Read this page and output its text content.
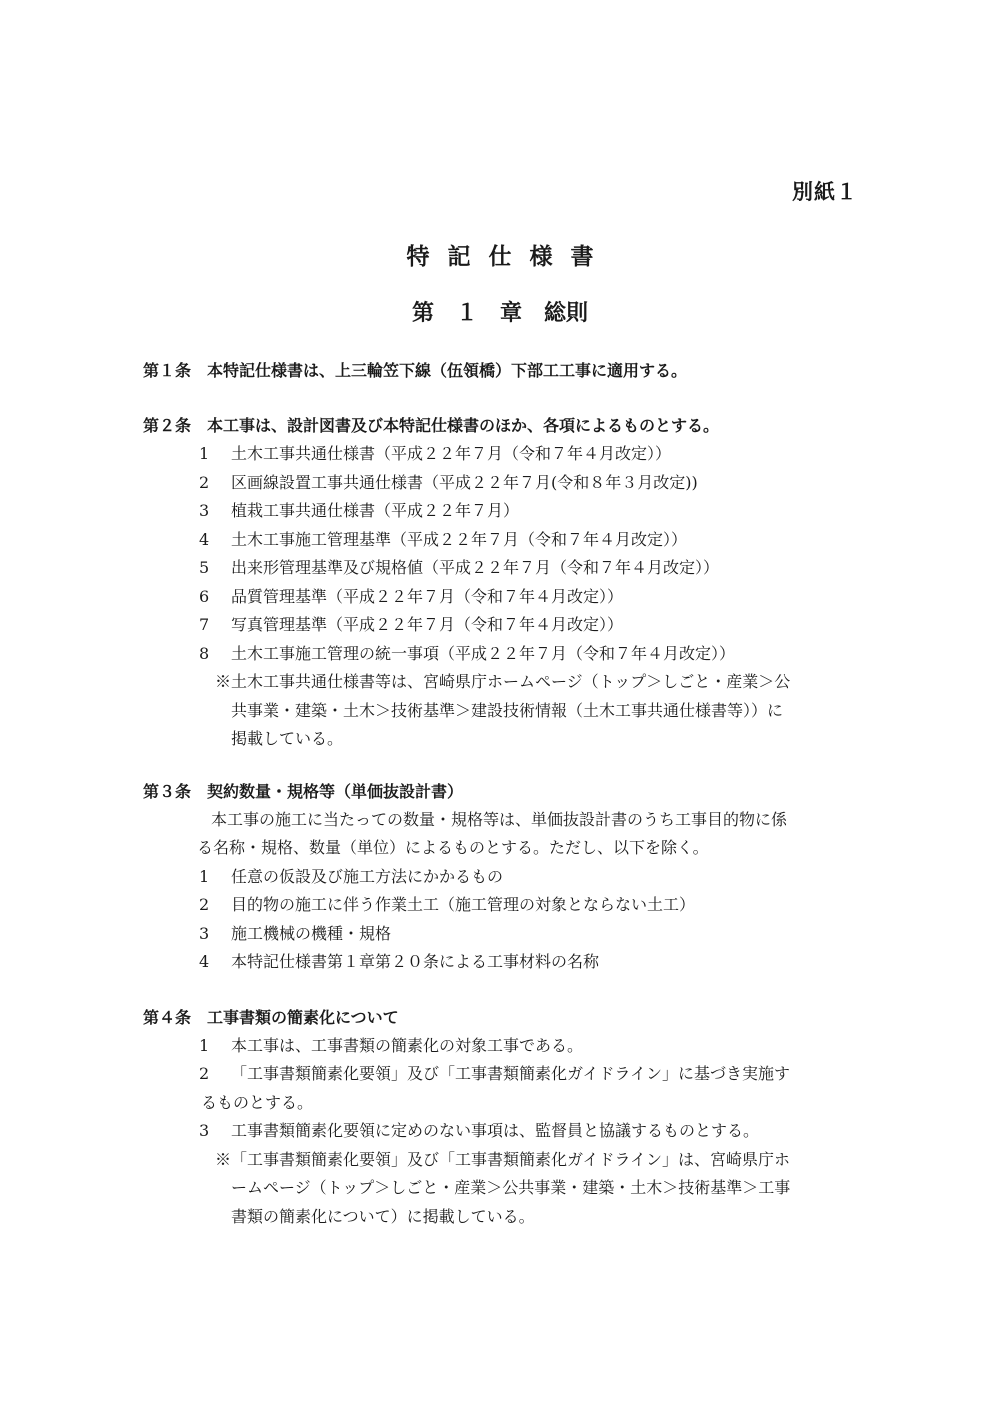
別紙１
特記仕様書
第　１　章　総則
第１条　本特記仕様書は、上三輪笠下線（伍領橋）下部工工事に適用する。
第２条　本工事は、設計図書及び本特記仕様書のほか、各項によるものとする。
1 土木工事共通仕様書（平成２２年７月（令和７年４月改定））
2 区画線設置工事共通仕様書（平成２２年７月(令和８年３月改定))
3 植栽工事共通仕様書（平成２２年７月）
4 土木工事施工管理基準（平成２２年７月（令和７年４月改定））
5 出来形管理基準及び規格値（平成２２年７月（令和７年４月改定））
6 品質管理基準（平成２２年７月（令和７年４月改定））
7 写真管理基準（平成２２年７月（令和７年４月改定））
8 土木工事施工管理の統一事項（平成２２年７月（令和７年４月改定））
※土木工事共通仕様書等は、宮崎県庁ホームページ（トップ＞しごと・産業＞公
共事業・建築・土木＞技術基準＞建設技術情報（土木工事共通仕様書等））に
掲載している。
第３条　契約数量・規格等（単価抜設計書）
本工事の施工に当たっての数量・規格等は、単価抜設計書のうち工事目的物に係
る名称・規格、数量（単位）によるものとする。ただし、以下を除く。
1 任意の仮設及び施工方法にかかるもの
2 目的物の施工に伴う作業土工（施工管理の対象とならない土工）
3 施工機械の機種・規格
4 本特記仕様書第１章第２０条による工事材料の名称
第４条　工事書類の簡素化について
1 本工事は、工事書類の簡素化の対象工事である。
2 「工事書類簡素化要領」及び「工事書類簡素化ガイドライン」に基づき実施す
るものとする。
3 工事書類簡素化要領に定めのない事項は、監督員と協議するものとする。
※「工事書類簡素化要領」及び「工事書類簡素化ガイドライン」は、宮崎県庁ホ
ームページ（トップ＞しごと・産業＞公共事業・建築・土木＞技術基準＞工事
書類の簡素化について）に掲載している。
